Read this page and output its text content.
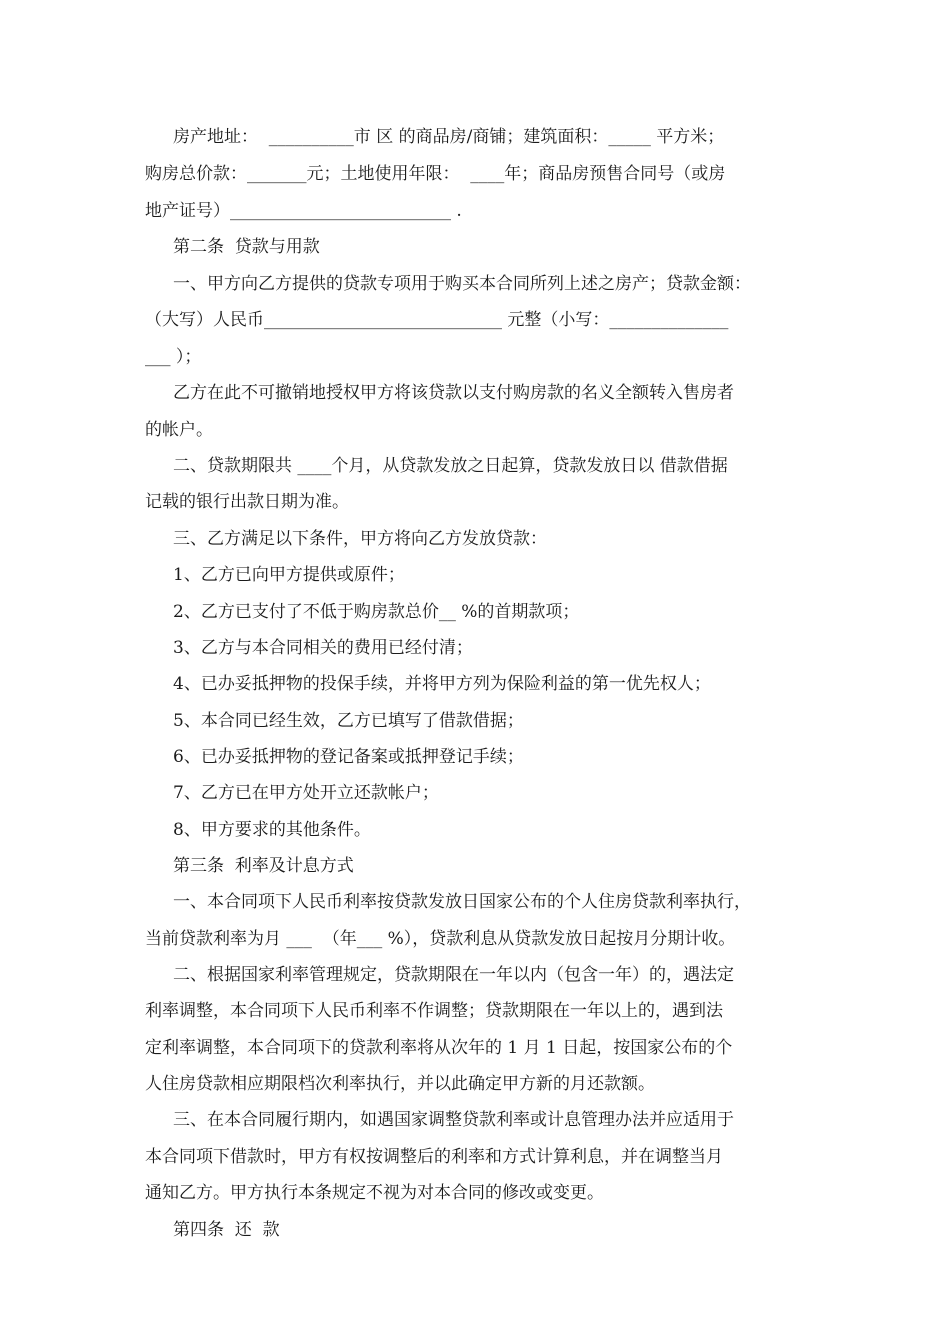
房产地址：  __________市 区 的商品房/商铺；建筑面积：_____ 平方米；
购房总价款：_______元；土地使用年限：  ____年；商品房预售合同号（或房
地产证号）__________________________ .
第二条  贷款与用款
一、甲方向乙方提供的贷款专项用于购买本合同所列上述之房产；贷款金额：
（大写）人民币____________________________ 元整（小写：______________
___ ）；
乙方在此不可撤销地授权甲方将该贷款以支付购房款的名义全额转入售房者
的帐户。
二、贷款期限共 ____个月，从贷款发放之日起算，贷款发放日以 借款借据
记载的银行出款日期为准。
三、乙方满足以下条件，甲方将向乙方发放贷款：
1、乙方已向甲方提供或原件；
2、乙方已支付了不低于购房款总价__ %的首期款项；
3、乙方与本合同相关的费用已经付清；
4、已办妥抵押物的投保手续，并将甲方列为保险利益的第一优先权人；
5、本合同已经生效，乙方已填写了借款借据；
6、已办妥抵押物的登记备案或抵押登记手续；
7、乙方已在甲方处开立还款帐户；
8、甲方要求的其他条件。
第三条  利率及计息方式
一、本合同项下人民币利率按贷款发放日国家公布的个人住房贷款利率执行，
当前贷款利率为月 ___  （年___ %），贷款利息从贷款发放日起按月分期计收。
二、根据国家利率管理规定，贷款期限在一年以内（包含一年）的，遇法定
利率调整，本合同项下人民币利率不作调整；贷款期限在一年以上的，遇到法
定利率调整，本合同项下的贷款利率将从次年的 1 月 1 日起，按国家公布的个
人住房贷款相应期限档次利率执行，并以此确定甲方新的月还款额。
三、在本合同履行期内，如遇国家调整贷款利率或计息管理办法并应适用于
本合同项下借款时，甲方有权按调整后的利率和方式计算利息，并在调整当月
通知乙方。甲方执行本条规定不视为对本合同的修改或变更。
第四条  还  款
